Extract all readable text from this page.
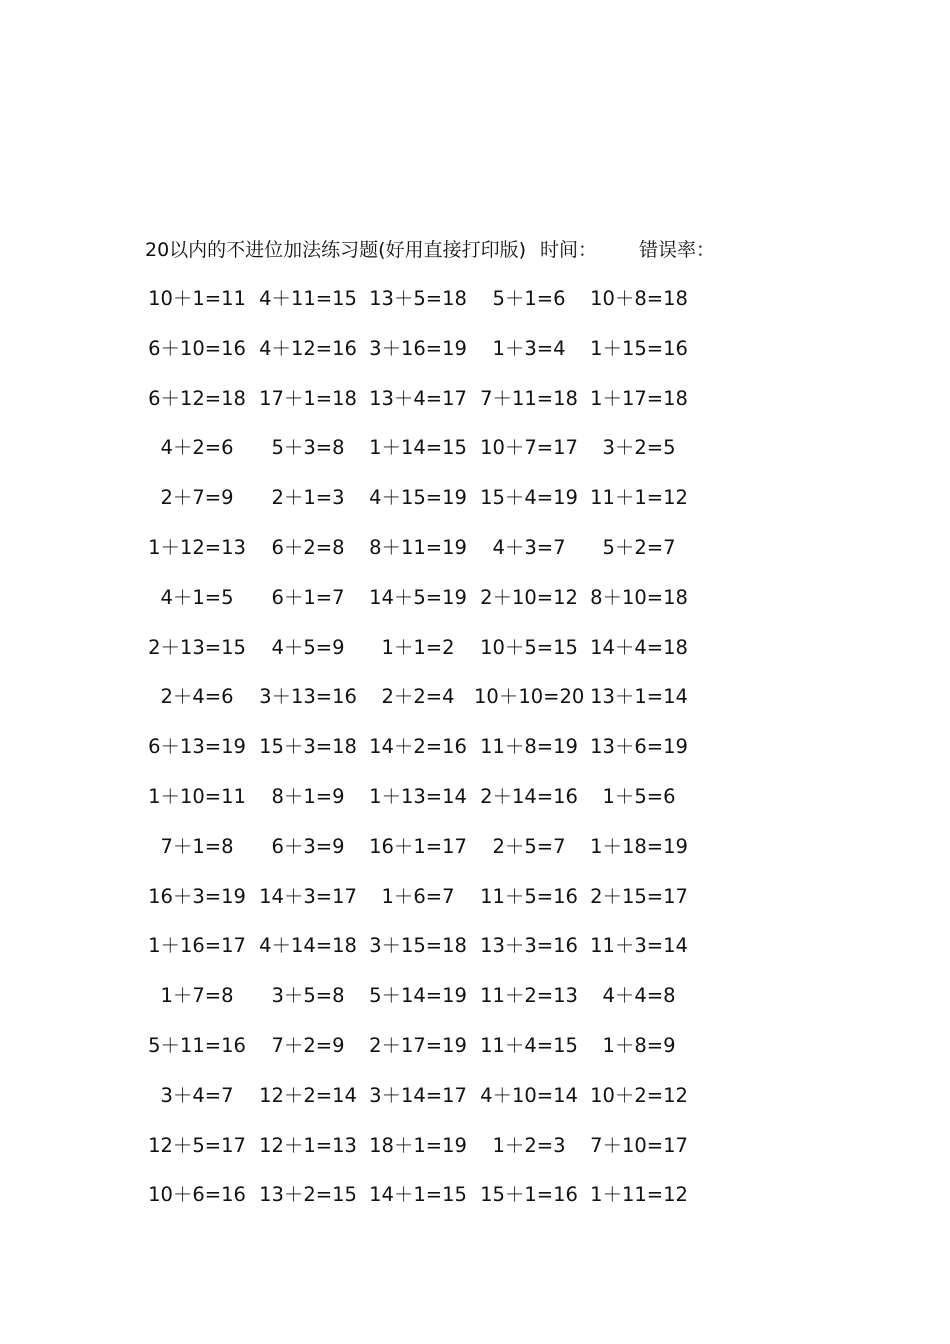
20以内的不进位加法练习题(好用直接打印版) 时间： 错误率：
10＋1=11 4＋11=15 13＋5=18	5＋1=6	10＋8=18
6＋10=16 4＋12=16 3＋16=19	1＋3=4	1＋15=16
6＋12=18 17＋1=18 13＋4=17 7＋11=18 1＋17=18
4＋2=6	5＋3=8	1＋14=15 10＋7=17	3＋2=5
2＋7=9	2＋1=3	4＋15=19 15＋4=19 11＋1=12
1＋12=13	6＋2=8	8＋11=19	4＋3=7	5＋2=7
4＋1=5	6＋1=7	14＋5=19 2＋10=12 8＋10=18
2＋13=15	4＋5=9	1＋1=2	10＋5=15 14＋4=18
2＋4=6	3＋13=16	2＋2=4 10＋10=20 13＋1=14
6＋13=19 15＋3=18 14＋2=16 11＋8=19 13＋6=19
1＋10=11	8＋1=9	1＋13=14 2＋14=16	1＋5=6
7＋1=8	6＋3=9	16＋1=17	2＋5=7	1＋18=19
16＋3=19 14＋3=17	1＋6=7	11＋5=16 2＋15=17
1＋16=17 4＋14=18 3＋15=18 13＋3=16 11＋3=14
1＋7=8	3＋5=8	5＋14=19 11＋2=13	4＋4=8
5＋11=16	7＋2=9	2＋17=19 11＋4=15	1＋8=9
3＋4=7	12＋2=14 3＋14=17 4＋10=14 10＋2=12
12＋5=17 12＋1=13 18＋1=19	1＋2=3	7＋10=17
10＋6=16 13＋2=15 14＋1=15 15＋1=16 1＋11=12
